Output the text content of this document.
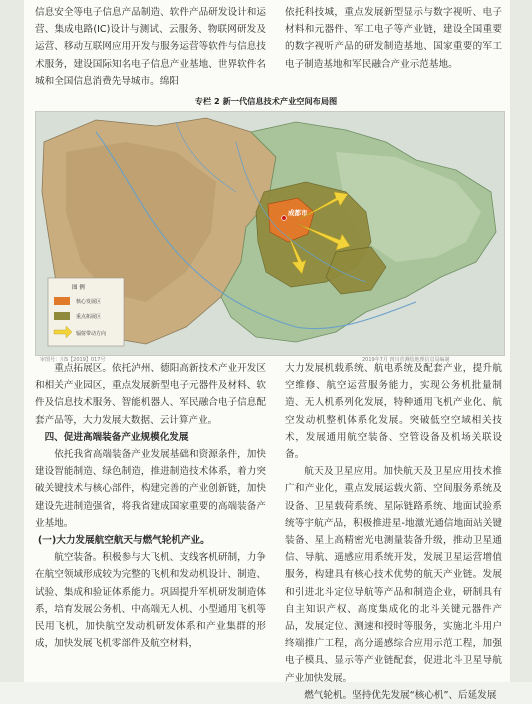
信息安全等电子信息产品制造、软件产品研发设计和运营、集成电路(IC)设计与测试、云服务、物联网研发及运营、移动互联网应用开发与服务运营等软件与信息技术服务，建设国际知名电子信息产业基地、世界软件名城和全国信息消费先导城市。绵阳

依托科技城，重点发展新型显示与数字视听、电子材料和元器件、军工电子等产业链，建设全国重要的数字视听产品的研发制造基地、国家重要的军工电子制造基地和军民融合产业示范基地。

专栏 2 新一代信息技术产业空间布局图
成都市
图 例
核心发展区
重点拓展区
辐射带动方向
审图号：川S【2019】017号	2019年7月 四川省测绘地理信息局编制

重点拓展区。依托泸州、德阳高新技术产业开发区和相关产业园区，重点发展新型电子元器件及材料、软件及信息技术服务、智能机器人、军民融合电子信息配套产品等，大力发展大数据、云计算产业。

四、促进高端装备产业规模化发展

依托我省高端装备产业发展基础和资源条件，加快建设智能制造、绿色制造，推进制造技术体系，着力突破关键技术与核心部件，构建完善的产业创新链，加快建设先进制造强省，将我省建成国家重要的高端装备产业基地。

(一)大力发展航空航天与燃气轮机产业。

航空装备。积极参与大飞机、支线客机研制，力争在航空领域形成较为完整的飞机和发动机设计、制造、试验、集成和验证体系能力。巩固提升军机研发制造体系，培育发展公务机、中高端无人机、小型通用飞机等民用飞机，加快航空发动机研发体系和产业集群的形成，加快发展飞机零部件及航空材料，

大力发展机载系统、航电系统及配套产业，提升航空维修、航空运营服务能力，实现公务机批量制造、无人机系列化发展，特种通用飞机产业化、航空发动机整机体系化发展。突破低空空域相关技术，发展通用航空装备、空管设备及机场关联设备。

航天及卫星应用。加快航天及卫星应用技术推广和产业化，重点发展运载火箭、空间服务系统及设备、卫星载荷系统、星际链路系统、地面试验系统等宇航产品，积极推进星-地激光通信地面站关键装备、星上高精密光电测量装备升级，推动卫星通信、导航、遥感应用系统开发，发展卫星运营增值服务，构建具有核心技术优势的航天产业链。发展和引进北斗定位导航等产品和制造企业，研制具有自主知识产权、高度集成化的北斗关键元器件产品，发展定位、测速和授时等服务，实施北斗用户终端推广工程，高分遥感综合应用示范工程，加强电子模具、显示等产业链配套，促进北斗卫星导航产业加快发展。

燃气轮机。坚持优先发展“核心机”、后延发展
